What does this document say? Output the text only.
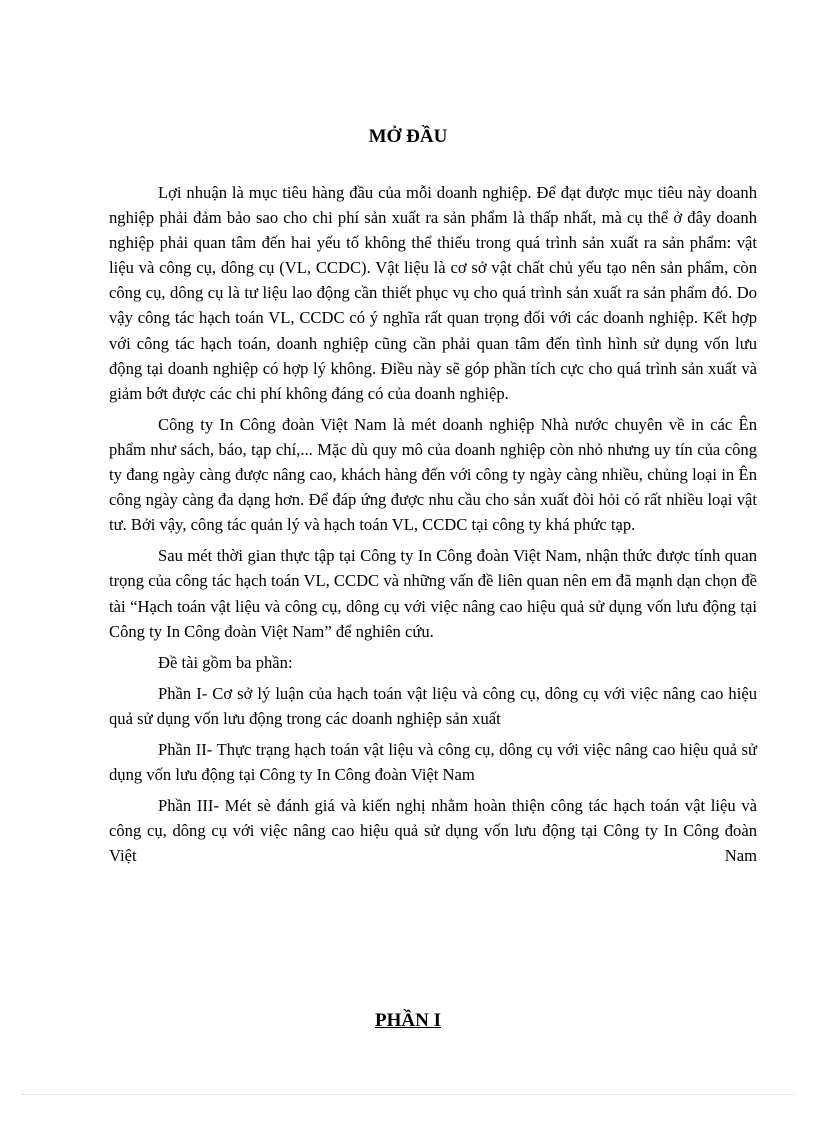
MỞ ĐẦU

Lợi nhuận là mục tiêu hàng đầu của mỗi doanh nghiệp. Để đạt được mục tiêu này doanh nghiệp phải đảm bảo sao cho chi phí sản xuất ra sản phẩm là thấp nhất, mà cụ thể ở đây doanh nghiệp phải quan tâm đến hai yếu tố không thể thiếu trong quá trình sản xuất ra sản phẩm: vật liệu và công cụ, dông cụ (VL, CCDC). Vật liệu là cơ sở vật chất chủ yếu tạo nên sản phẩm, còn công cụ, dông cụ là tư liệu lao động cần thiết phục vụ cho quá trình sản xuất ra sản phẩm đó. Do vậy công tác hạch toán VL, CCDC có ý nghĩa rất quan trọng đối với các doanh nghiệp. Kết hợp với công tác hạch toán, doanh nghiệp cũng cần phải quan tâm đến tình hình sử dụng vốn lưu động tại doanh nghiệp có hợp lý không. Điều này sẽ góp phần tích cực cho quá trình sản xuất và giảm bớt được các chi phí không đáng có của doanh nghiệp.

Công ty In Công đoàn Việt Nam là mét doanh nghiệp Nhà nước chuyên về in các Ên phẩm như sách, báo, tạp chí,... Mặc dù quy mô của doanh nghiệp còn nhỏ nhưng uy tín của công ty đang ngày càng được nâng cao, khách hàng đến với công ty ngày càng nhiều, chủng loại in Ên công ngày càng đa dạng hơn. Để đáp ứng được nhu cầu cho sản xuất đòi hỏi có rất nhiều loại vật tư. Bởi vậy, công tác quản lý và hạch toán VL, CCDC tại công ty khá phức tạp.

Sau mét thời gian thực tập tại Công ty In Công đoàn Việt Nam, nhận thức được tính quan trọng của công tác hạch toán VL, CCDC và những vấn đề liên quan nên em đã mạnh dạn chọn đề tài “Hạch toán vật liệu và công cụ, dông cụ với việc nâng cao hiệu quả sử dụng vốn lưu động tại Công ty In Công đoàn Việt Nam” để nghiên cứu.

Đề tài gồm ba phần:

Phần I- Cơ sở lý luận của hạch toán vật liệu và công cụ, dông cụ với việc nâng cao hiệu quả sử dụng vốn lưu động trong các doanh nghiệp sản xuất

Phần II- Thực trạng hạch toán vật liệu và công cụ, dông cụ với việc nâng cao hiệu quả sử dụng vốn lưu động tại Công ty In Công đoàn Việt Nam

Phần III- Mét sè đánh giá và kiến nghị nhằm hoàn thiện công tác hạch toán vật liệu và công cụ, dông cụ với việc nâng cao hiệu quả sử dụng vốn lưu động tại Công ty In Công đoàn Việt Nam

PHẦN I
